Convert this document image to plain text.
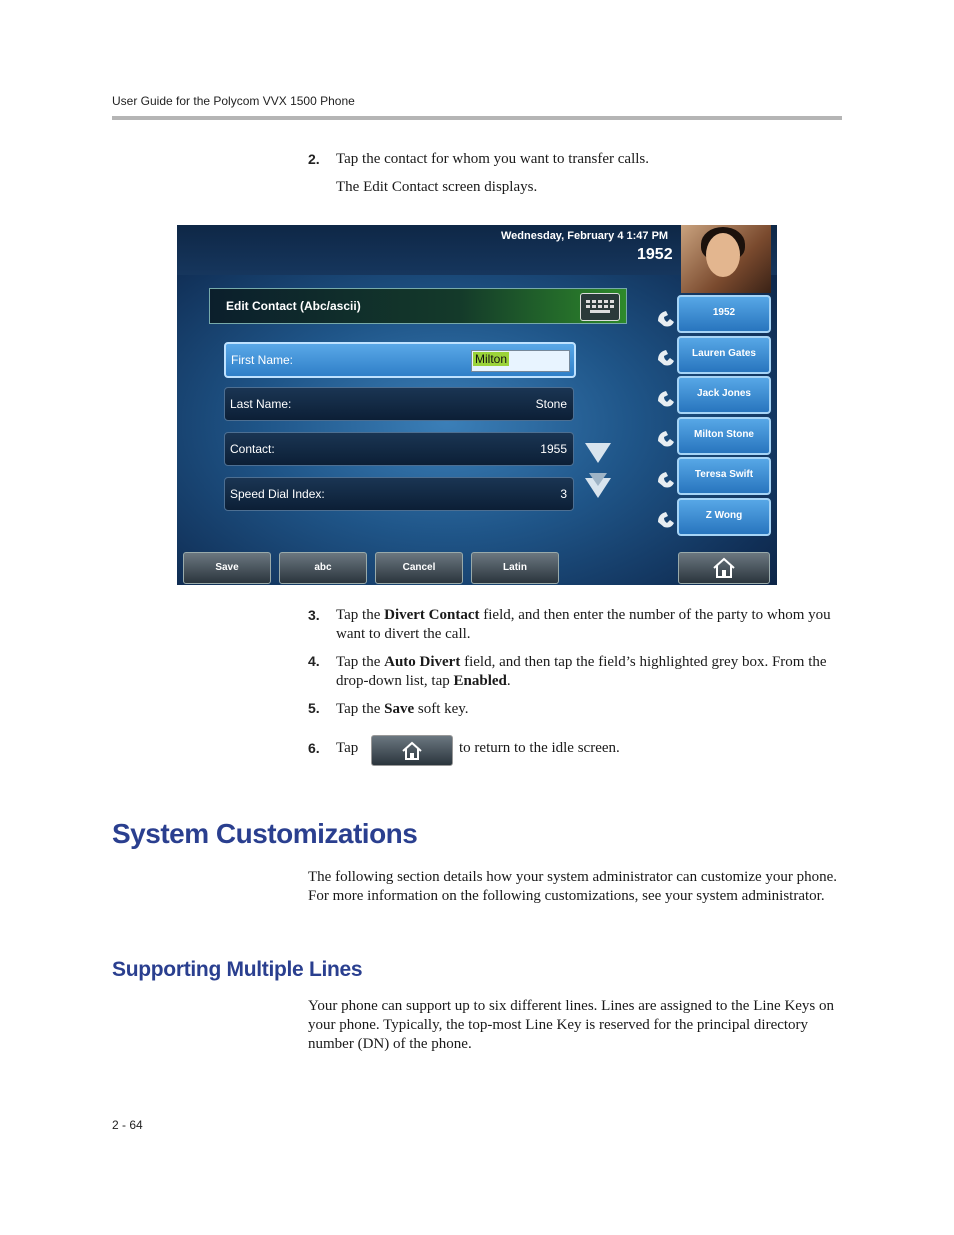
User Guide for the Polycom VVX 1500 Phone
2. Tap the contact for whom you want to transfer calls.
The Edit Contact screen displays.
Wednesday, February 4 1:47 PM
1952
Edit Contact (Abc/ascii)
First Name:	Milton
Last Name:	Stone
Contact:	1955
Speed Dial Index:	3
1952
Lauren Gates
Jack Jones
Milton Stone
Teresa Swift
Z Wong
Save	abc	Cancel	Latin
3. Tap the Divert Contact field, and then enter the number of the party to whom you want to divert the call.
4. Tap the Auto Divert field, and then tap the field’s highlighted grey box. From the drop-down list, tap Enabled.
5. Tap the Save soft key.
6. Tap	to return to the idle screen.
System Customizations
The following section details how your system administrator can customize your phone. For more information on the following customizations, see your system administrator.
Supporting Multiple Lines
Your phone can support up to six different lines. Lines are assigned to the Line Keys on your phone. Typically, the top-most Line Key is reserved for the principal directory number (DN) of the phone.
2 - 64
